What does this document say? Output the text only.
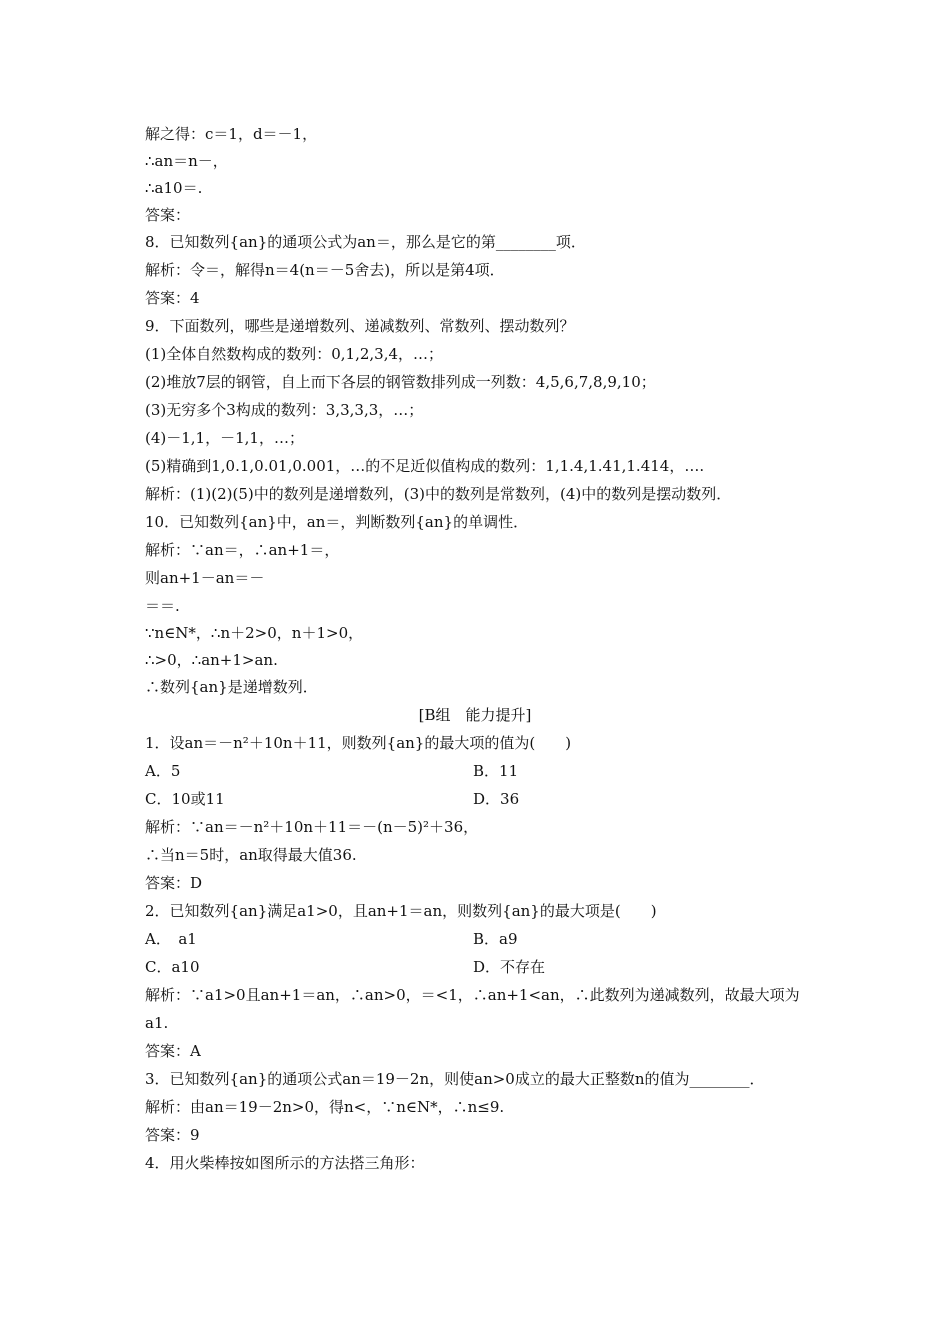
解之得：c＝1，d＝－1，
∴an＝n－，
∴a10＝.
答案：
8．已知数列{an}的通项公式为an＝，那么是它的第________项．
解析：令＝，解得n＝4(n＝－5舍去)，所以是第4项．
答案：4
9．下面数列，哪些是递增数列、递减数列、常数列、摆动数列？
(1)全体自然数构成的数列：0,1,2,3,4，…；
(2)堆放7层的钢管，自上而下各层的钢管数排列成一列数：4,5,6,7,8,9,10；
(3)无穷多个3构成的数列：3,3,3,3，…；
(4)－1,1，－1,1，…；
(5)精确到1,0.1,0.01,0.001，…的不足近似值构成的数列：1,1.4,1.41,1.414，….
解析：(1)(2)(5)中的数列是递增数列，(3)中的数列是常数列，(4)中的数列是摆动数列．
10．已知数列{an}中，an＝，判断数列{an}的单调性．
解析：∵an＝，∴an+1＝，
则an+1－an＝－
＝＝.
∵n∈N*，∴n＋2>0，n＋1>0，
∴>0，∴an+1>an.
∴数列{an}是递增数列．
[B组　能力提升]
1．设an＝－n²＋10n＋11，则数列{an}的最大项的值为(　　)
A．5	B．11
C．10或11	D．36
解析：∵an＝－n²＋10n＋11＝－(n－5)²＋36，
∴当n＝5时，an取得最大值36.
答案：D
2．已知数列{an}满足a1>0，且an+1＝an，则数列{an}的最大项是(　　)
A．　a1	B．a9
C．a10	D．不存在
解析：∵a1>0且an+1＝an，∴an>0，＝<1，∴an+1<an，∴此数列为递减数列，故最大项为
a1.
答案：A
3．已知数列{an}的通项公式an＝19－2n，则使an>0成立的最大正整数n的值为________．
解析：由an＝19－2n>0，得n<，∵n∈N*，∴n≤9.
答案：9
4．用火柴棒按如图所示的方法搭三角形：
